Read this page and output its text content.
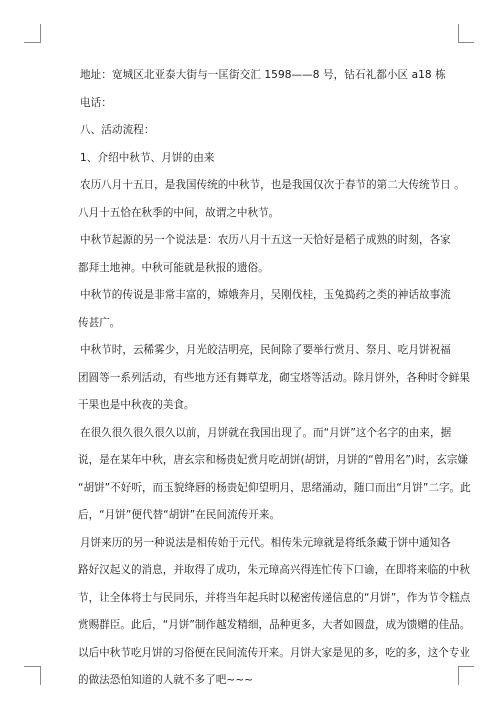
地址：宽城区北亚泰大街与一匡街交汇 1598——8 号，钻石礼都小区 a18 栋
电话：
八、活动流程：
1、介绍中秋节、月饼的由来
农历八月十五日，是我国传统的中秋节，也是我国仅次于春节的第二大传统节日 。
八月十五恰在秋季的中间，故谓之中秋节。
中秋节起源的另一个说法是：农历八月十五这一天恰好是稻子成熟的时刻，各家
都拜土地神。中秋可能就是秋报的遗俗。
中秋节的传说是非常丰富的，嫦娥奔月，吴刚伐桂，玉兔捣药之类的神话故事流
传甚广。
中秋节时，云稀雾少，月光皎洁明亮，民间除了要举行赏月、祭月、吃月饼祝福
团圆等一系列活动，有些地方还有舞草龙，砌宝塔等活动。除月饼外，各种时令鲜果
干果也是中秋夜的美食。
在很久很久很久很久以前，月饼就在我国出现了。而“月饼”这个名字的由来，据
说，是在某年中秋，唐玄宗和杨贵妃赏月吃胡饼(胡饼，月饼的“曾用名”)时，玄宗嫌
“胡饼”不好听，而玉貌绛唇的杨贵妃仰望明月，思绪涌动，随口而出“月饼”二字。此
后，“月饼”便代替“胡饼”在民间流传开来。
月饼来历的另一种说法是相传始于元代。相传朱元璋就是将纸条藏于饼中通知各
路好汉起义的消息，并取得了成功，朱元璋高兴得连忙传下口谕，在即将来临的中秋
节，让全体将士与民同乐，并将当年起兵时以秘密传递信息的“月饼”，作为节令糕点
赏赐群臣。此后，“月饼”制作越发精细，品种更多，大者如圆盘，成为馈赠的佳品。
以后中秋节吃月饼的习俗便在民间流传开来。月饼大家是见的多，吃的多，这个专业
的做法恐怕知道的人就不多了吧~~~
